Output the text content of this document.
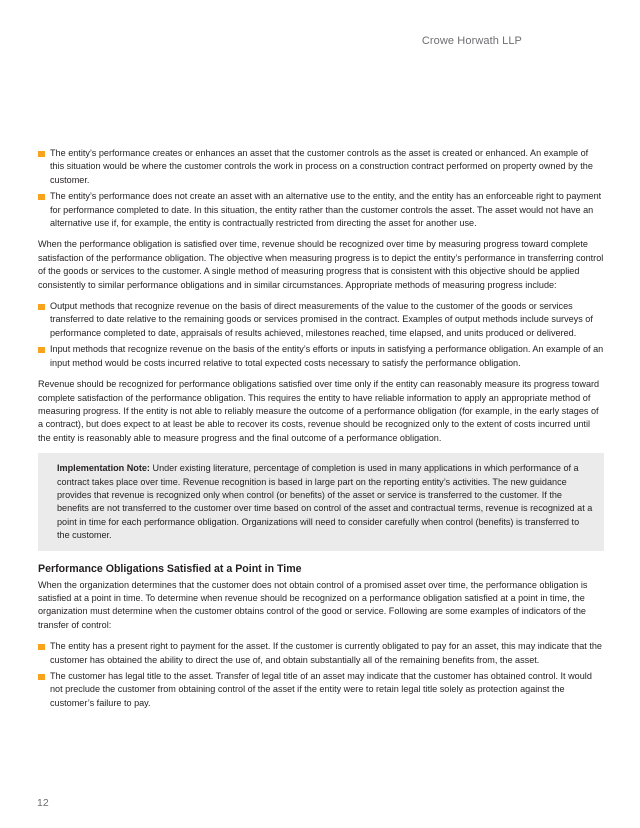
Crowe Horwath LLP
The entity’s performance creates or enhances an asset that the customer controls as the asset is created or enhanced. An example of this situation would be where the customer controls the work in process on a construction contract performed on property owned by the customer.
The entity’s performance does not create an asset with an alternative use to the entity, and the entity has an enforceable right to payment for performance completed to date. In this situation, the entity rather than the customer controls the asset. The asset would not have an alternative use if, for example, the entity is contractually restricted from directing the asset for another use.

When the performance obligation is satisfied over time, revenue should be recognized over time by measuring progress toward complete satisfaction of the performance obligation. The objective when measuring progress is to depict the entity’s performance in transferring control of the goods or services to the customer. A single method of measuring progress that is consistent with this objective should be applied consistently to similar performance obligations and in similar circumstances. Appropriate methods of measuring progress include:

Output methods that recognize revenue on the basis of direct measurements of the value to the customer of the goods or services transferred to date relative to the remaining goods or services promised in the contract. Examples of output methods include surveys of performance completed to date, appraisals of results achieved, milestones reached, time elapsed, and units produced or delivered.
Input methods that recognize revenue on the basis of the entity’s efforts or inputs in satisfying a performance obligation. An example of an input method would be costs incurred relative to total expected costs necessary to satisfy the performance obligation.

Revenue should be recognized for performance obligations satisfied over time only if the entity can reasonably measure its progress toward complete satisfaction of the performance obligation. This requires the entity to have reliable information to apply an appropriate method of measuring progress. If the entity is not able to reliably measure the outcome of a performance obligation (for example, in the early stages of a contract), but does expect to at least be able to recover its costs, revenue should be recognized only to the extent of costs incurred until the entity is reasonably able to measure progress and the final outcome of a performance obligation.

Implementation Note: Under existing literature, percentage of completion is used in many applications in which performance of a contract takes place over time. Revenue recognition is based in large part on the reporting entity’s activities. The new guidance provides that revenue is recognized only when control (or benefits) of the asset or service is transferred to the customer. If the benefits are not transferred to the customer over time based on control of the asset and contractual terms, revenue is recognized at a point in time for each performance obligation. Organizations will need to consider carefully when control (benefits) is transferred to the customer.

Performance Obligations Satisfied at a Point in Time

When the organization determines that the customer does not obtain control of a promised asset over time, the performance obligation is satisfied at a point in time. To determine when revenue should be recognized on a performance obligation satisfied at a point in time, the organization must determine when the customer obtains control of the good or service. Following are some examples of indicators of the transfer of control:

The entity has a present right to payment for the asset. If the customer is currently obligated to pay for an asset, this may indicate that the customer has obtained the ability to direct the use of, and obtain substantially all of the remaining benefits from, the asset.
The customer has legal title to the asset. Transfer of legal title of an asset may indicate that the customer has obtained control. It would not preclude the customer from obtaining control of the asset if the entity were to retain legal title solely as protection against the customer’s failure to pay.
12
